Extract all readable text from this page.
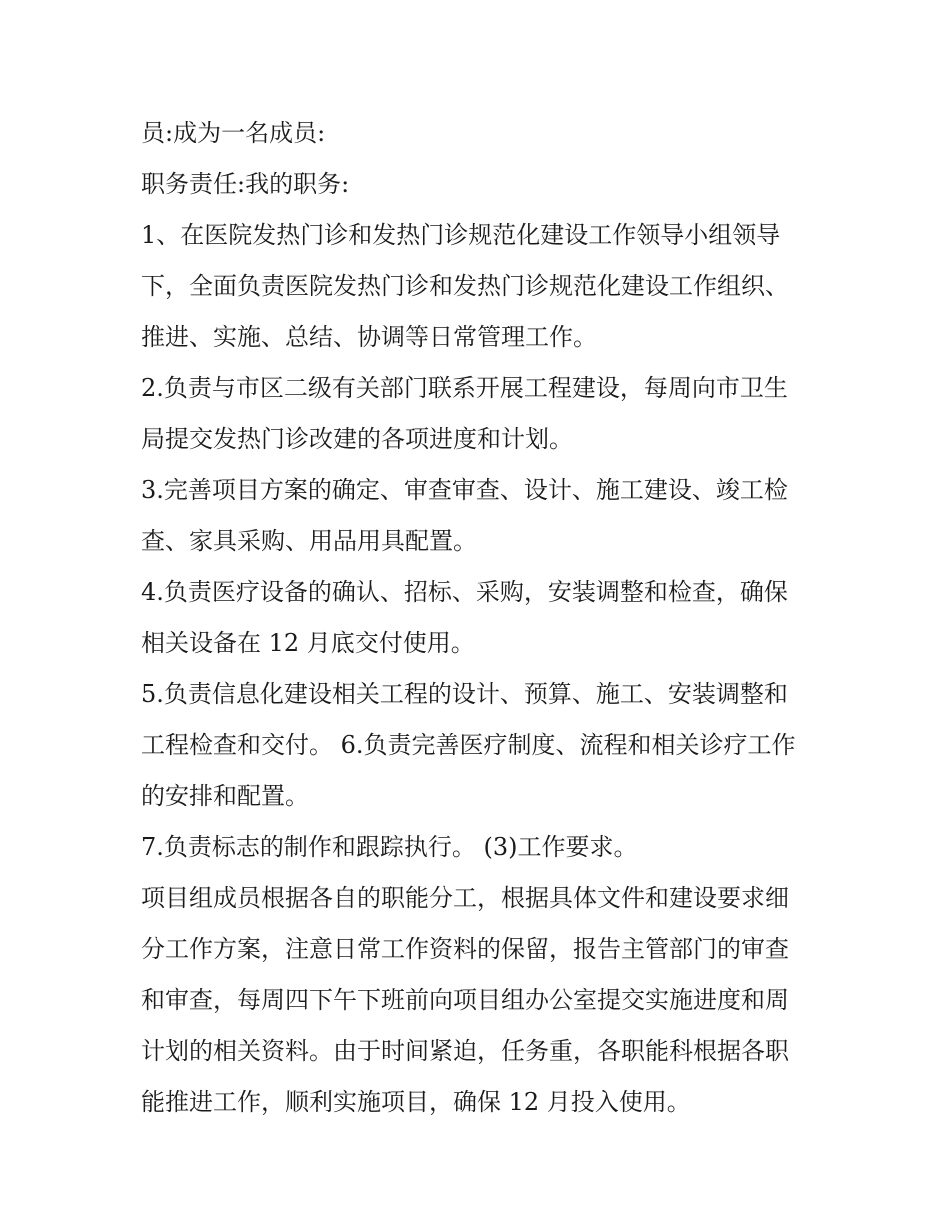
员:成为一名成员:
职务责任:我的职务:
1、在医院发热门诊和发热门诊规范化建设工作领导小组领导
下，全面负责医院发热门诊和发热门诊规范化建设工作组织、
推进、实施、总结、协调等日常管理工作。
2.负责与市区二级有关部门联系开展工程建设，每周向市卫生
局提交发热门诊改建的各项进度和计划。
3.完善项目方案的确定、审查审查、设计、施工建设、竣工检
查、家具采购、用品用具配置。
4.负责医疗设备的确认、招标、采购，安装调整和检查，确保
相关设备在 12 月底交付使用。
5.负责信息化建设相关工程的设计、预算、施工、安装调整和
工程检查和交付。 6.负责完善医疗制度、流程和相关诊疗工作
的安排和配置。
7.负责标志的制作和跟踪执行。 (3)工作要求。
项目组成员根据各自的职能分工，根据具体文件和建设要求细
分工作方案，注意日常工作资料的保留，报告主管部门的审查
和审查，每周四下午下班前向项目组办公室提交实施进度和周
计划的相关资料。由于时间紧迫，任务重，各职能科根据各职
能推进工作，顺利实施项目，确保 12 月投入使用。
